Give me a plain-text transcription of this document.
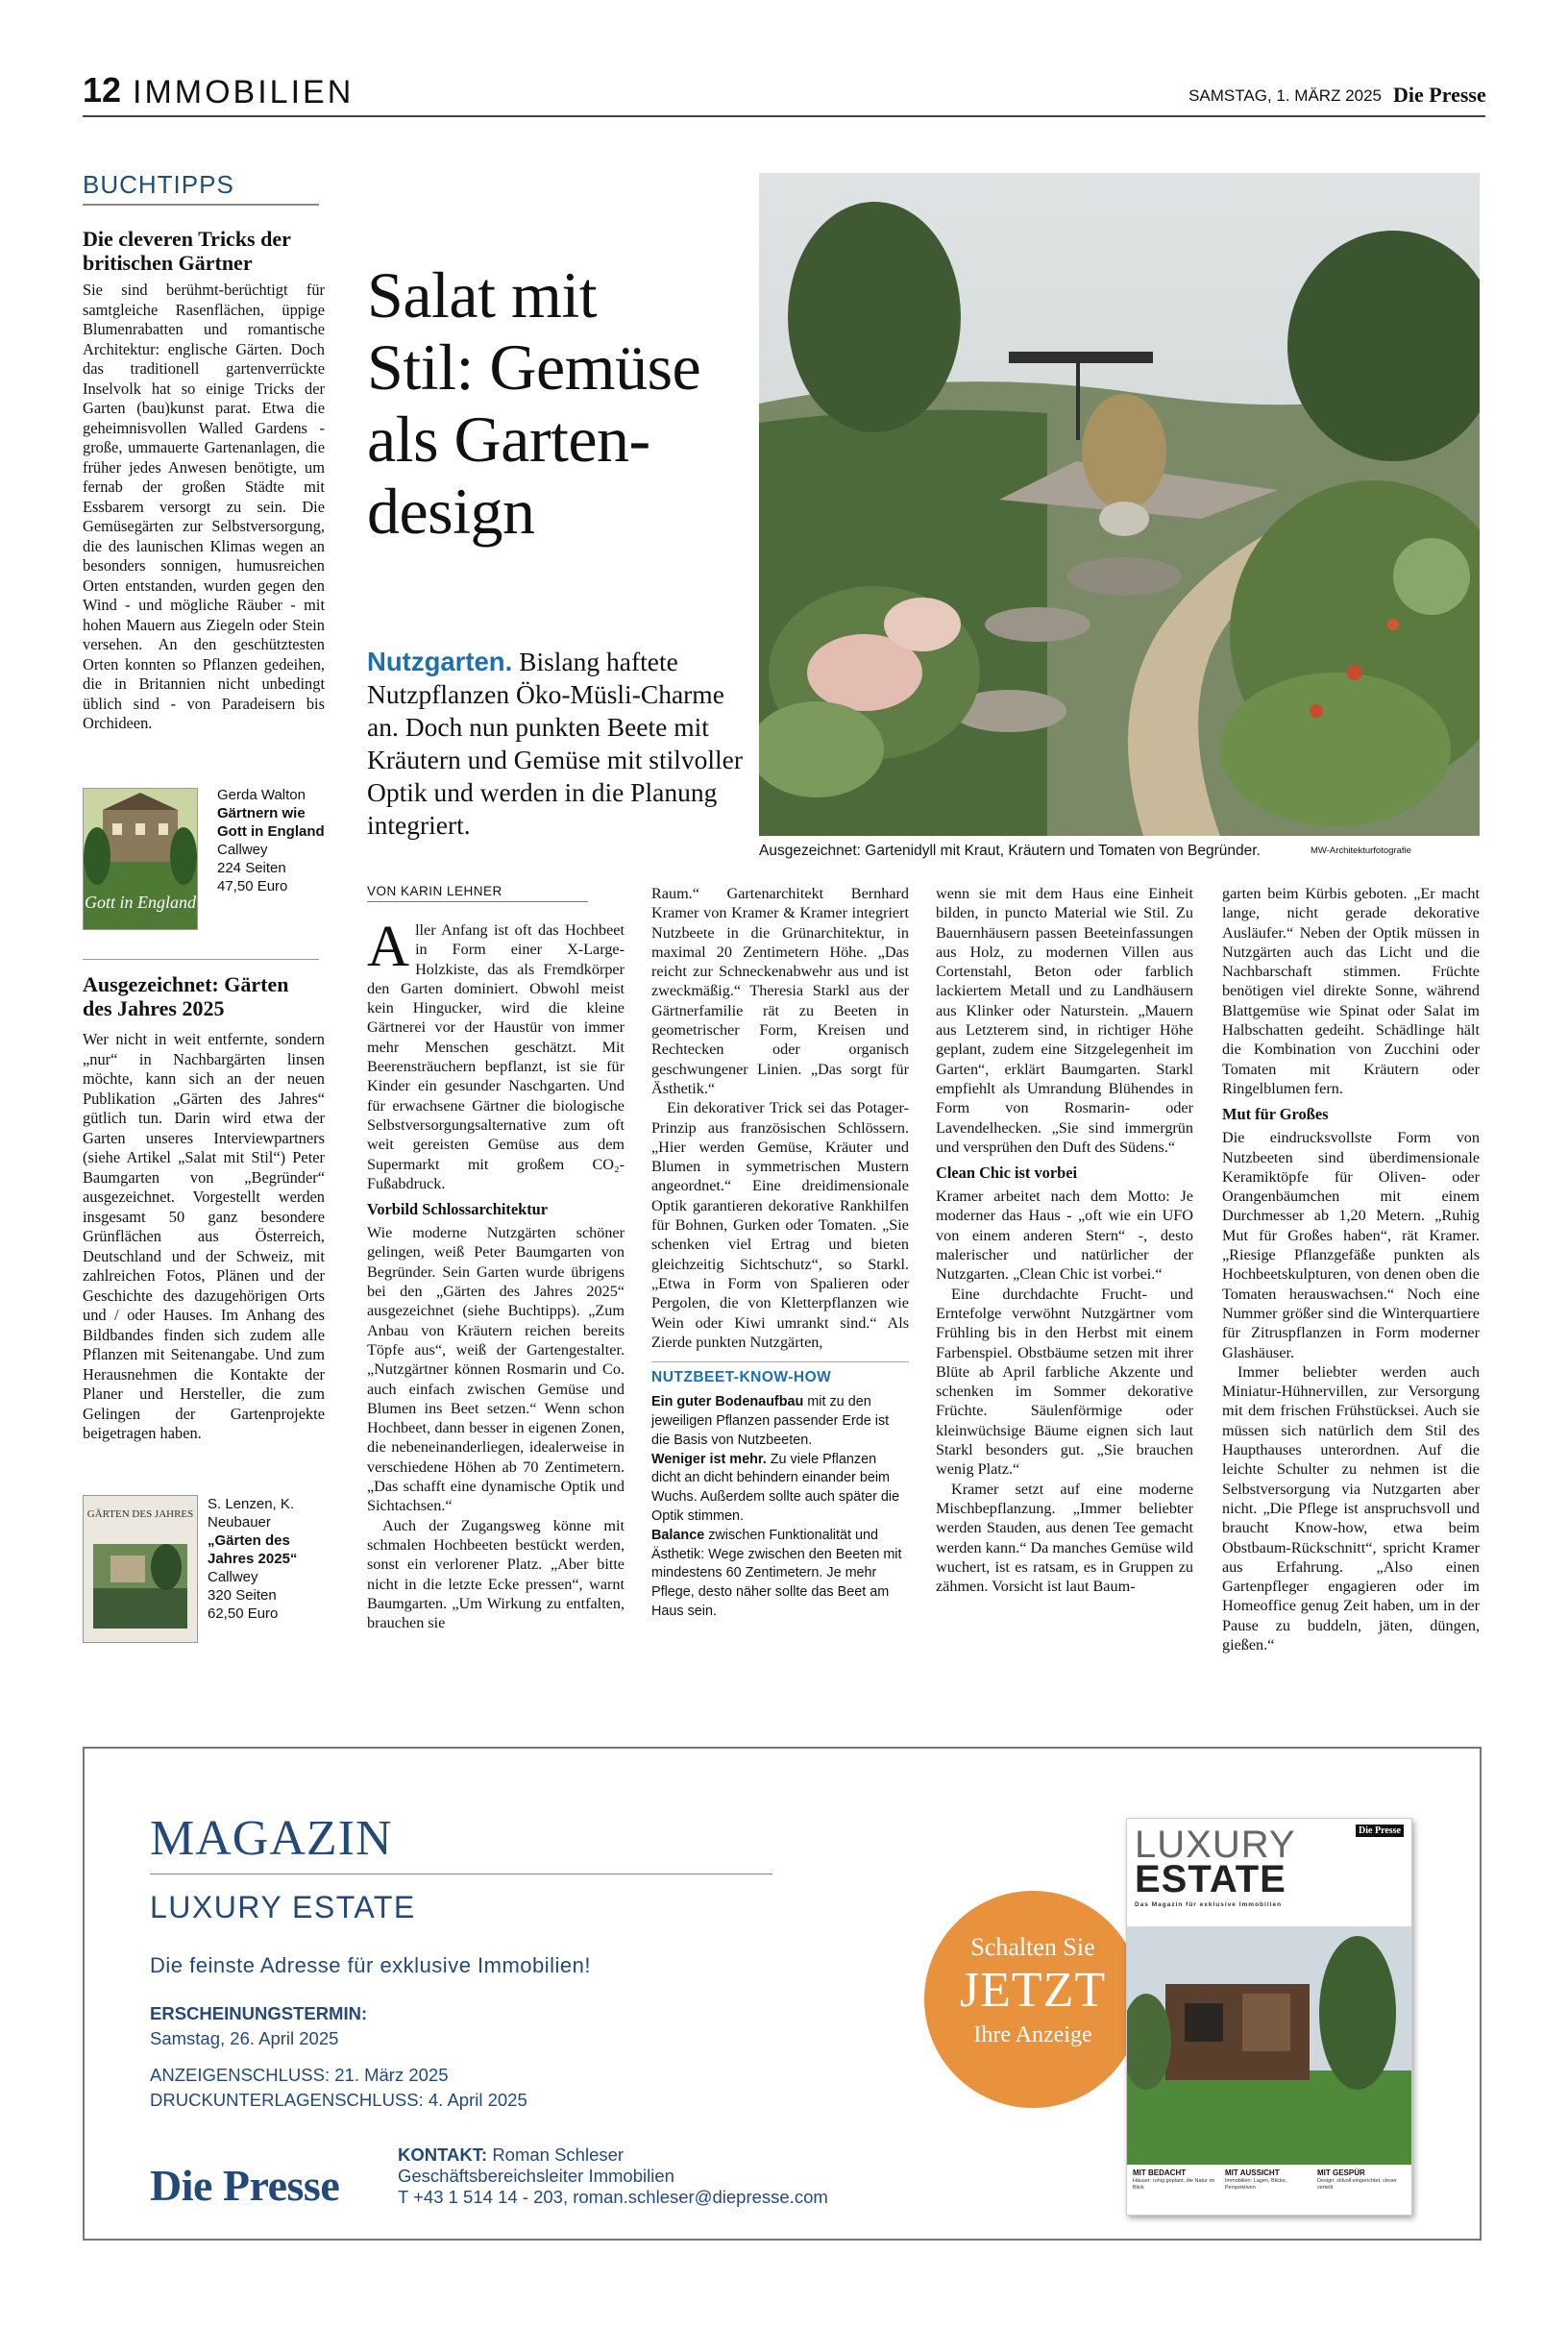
12 IMMOBILIEN	SAMSTAG, 1. MÄRZ 2025 Die Presse
BUCHTIPPS
Die cleveren Tricks der britischen Gärtner

Sie sind berühmt-berüchtigt für samtgleiche Rasenflächen, üppige Blumenrabatten und romantische Architektur: englische Gärten. Doch das traditionell gartenverrückte Inselvolk hat so einige Tricks der Garten (bau)kunst parat. Etwa die geheimnisvollen Walled Gardens - große, ummauerte Gartenanlagen, die früher jedes Anwesen benötigte, um fernab der großen Städte mit Essbarem versorgt zu sein. Die Gemüsegärten zur Selbstversorgung, die des launischen Klimas wegen an besonders sonnigen, humusreichen Orten entstanden, wurden gegen den Wind - und mögliche Räuber - mit hohen Mauern aus Ziegeln oder Stein versehen. An den geschütztesten Orten konnten so Pflanzen gedeihen, die in Britannien nicht unbedingt üblich sind - von Paradeisern bis Orchideen.

Gott in England
Gerda Walton
Gärtnern wie Gott in England
Callwey
224 Seiten
47,50 Euro
Ausgezeichnet: Gärten des Jahres 2025

Wer nicht in weit entfernte, sondern „nur“ in Nachbargärten linsen möchte, kann sich an der neuen Publikation „Gärten des Jahres“ gütlich tun. Darin wird etwa der Garten unseres Interviewpartners (siehe Artikel „Salat mit Stil“) Peter Baumgarten von „Begründer“ ausgezeichnet. Vorgestellt werden insgesamt 50 ganz besondere Grünflächen aus Österreich, Deutschland und der Schweiz, mit zahlreichen Fotos, Plänen und der Geschichte des dazugehörigen Orts und / oder Hauses. Im Anhang des Bildbandes finden sich zudem alle Pflanzen mit Seitenangabe. Und zum Herausnehmen die Kontakte der Planer und Hersteller, die zum Gelingen der Gartenprojekte beigetragen haben.

GÄRTEN DES JAHRES
S. Lenzen, K. Neubauer
„Gärten des Jahres 2025“
Callwey
320 Seiten
62,50 Euro
Salat mit
Stil: Gemüse
als Garten-
design

Nutzgarten. Bislang haftete Nutzpflanzen Öko-Müsli-Charme an. Doch nun punkten Beete mit Kräutern und Gemüse mit stilvoller Optik und werden in die Planung integriert.

Ausgezeichnet: Gartenidyll mit Kraut, Kräutern und Tomaten von Begründer.	MW-Architekturfotografie
VON KARIN LEHNER

Aller Anfang ist oft das Hochbeet in Form einer X-Large-Holzkiste, das als Fremdkörper den Garten dominiert. Obwohl meist kein Hingucker, wird die kleine Gärtnerei vor der Haustür von immer mehr Menschen geschätzt. Mit Beerensträuchern bepflanzt, ist sie für Kinder ein gesunder Naschgarten. Und für erwachsene Gärtner die biologische Selbstversorgungsalternative zum oft weit gereisten Gemüse aus dem Supermarkt mit großem CO₂-Fußabdruck.

Vorbild Schlossarchitektur

Wie moderne Nutzgärten schöner gelingen, weiß Peter Baumgarten von Begründer. Sein Garten wurde übrigens bei den „Gärten des Jahres 2025“ ausgezeichnet (siehe Buchtipps). „Zum Anbau von Kräutern reichen bereits Töpfe aus“, weiß der Gartengestalter. „Nutzgärtner können Rosmarin und Co. auch einfach zwischen Gemüse und Blumen ins Beet setzen.“ Wenn schon Hochbeet, dann besser in eigenen Zonen, die nebeneinanderliegen, idealerweise in verschiedene Höhen ab 70 Zentimetern. „Das schafft eine dynamische Optik und Sichtachsen.“

Auch der Zugangsweg könne mit schmalen Hochbeeten bestückt werden, sonst ein verlorener Platz. „Aber bitte nicht in die letzte Ecke pressen“, warnt Baumgarten. „Um Wirkung zu entfalten, brauchen sie

Raum.“ Gartenarchitekt Bernhard Kramer von Kramer & Kramer integriert Nutzbeete in die Grünarchitektur, in maximal 20 Zentimetern Höhe. „Das reicht zur Schneckenabwehr aus und ist zweckmäßig.“ Theresia Starkl aus der Gärtnerfamilie rät zu Beeten in geometrischer Form, Kreisen und Rechtecken oder organisch geschwungener Linien. „Das sorgt für Ästhetik.“

Ein dekorativer Trick sei das Potager-Prinzip aus französischen Schlössern. „Hier werden Gemüse, Kräuter und Blumen in symmetrischen Mustern angeordnet.“ Eine dreidimensionale Optik garantieren dekorative Rankhilfen für Bohnen, Gurken oder Tomaten. „Sie schenken viel Ertrag und bieten gleichzeitig Sichtschutz“, so Starkl. „Etwa in Form von Spalieren oder Pergolen, die von Kletterpflanzen wie Wein oder Kiwi umrankt sind.“ Als Zierde punkten Nutzgärten,

NUTZBEET-KNOW-HOW

Ein guter Bodenaufbau mit zu den jeweiligen Pflanzen passender Erde ist die Basis von Nutzbeeten.

Weniger ist mehr. Zu viele Pflanzen dicht an dicht behindern einander beim Wuchs. Außerdem sollte auch später die Optik stimmen.

Balance zwischen Funktionalität und Ästhetik: Wege zwischen den Beeten mit mindestens 60 Zentimetern. Je mehr Pflege, desto näher sollte das Beet am Haus sein.

wenn sie mit dem Haus eine Einheit bilden, in puncto Material wie Stil. Zu Bauernhäusern passen Beeteinfassungen aus Holz, zu modernen Villen aus Cortenstahl, Beton oder farblich lackiertem Metall und zu Landhäusern aus Klinker oder Naturstein. „Mauern aus Letzterem sind, in richtiger Höhe geplant, zudem eine Sitzgelegenheit im Garten“, erklärt Baumgarten. Starkl empfiehlt als Umrandung Blühendes in Form von Rosmarin- oder Lavendelhecken. „Sie sind immergrün und versprühen den Duft des Südens.“

Clean Chic ist vorbei

Kramer arbeitet nach dem Motto: Je moderner das Haus - „oft wie ein UFO von einem anderen Stern“ -, desto malerischer und natürlicher der Nutzgarten. „Clean Chic ist vorbei.“

Eine durchdachte Frucht- und Erntefolge verwöhnt Nutzgärtner vom Frühling bis in den Herbst mit einem Farbenspiel. Obstbäume setzen mit ihrer Blüte ab April farbliche Akzente und schenken im Sommer dekorative Früchte. Säulenförmige oder kleinwüchsige Bäume eignen sich laut Starkl besonders gut. „Sie brauchen wenig Platz.“

Kramer setzt auf eine moderne Mischbepflanzung. „Immer beliebter werden Stauden, aus denen Tee gemacht werden kann.“ Da manches Gemüse wild wuchert, ist es ratsam, es in Gruppen zu zähmen. Vorsicht ist laut Baum-

garten beim Kürbis geboten. „Er macht lange, nicht gerade dekorative Ausläufer.“ Neben der Optik müssen in Nutzgärten auch das Licht und die Nachbarschaft stimmen. Früchte benötigen viel direkte Sonne, während Blattgemüse wie Spinat oder Salat im Halbschatten gedeiht. Schädlinge hält die Kombination von Zucchini oder Tomaten mit Kräutern oder Ringelblumen fern.

Mut für Großes

Die eindrucksvollste Form von Nutzbeeten sind überdimensionale Keramiktöpfe für Oliven- oder Orangenbäumchen mit einem Durchmesser ab 1,20 Metern. „Ruhig Mut für Großes haben“, rät Kramer. „Riesige Pflanzgefäße punkten als Hochbeetskulpturen, von denen oben die Tomaten herauswachsen.“ Noch eine Nummer größer sind die Winterquartiere für Zitruspflanzen in Form moderner Glashäuser.

Immer beliebter werden auch Miniatur-Hühnervillen, zur Versorgung mit dem frischen Frühstücksei. Auch sie müssen sich natürlich dem Stil des Haupthauses unterordnen. Auf die leichte Schulter zu nehmen ist die Selbstversorgung via Nutzgarten aber nicht. „Die Pflege ist anspruchsvoll und braucht Know-how, etwa beim Obstbaum-Rückschnitt“, spricht Kramer aus Erfahrung. „Also einen Gartenpfleger engagieren oder im Homeoffice genug Zeit haben, um in der Pause zu buddeln, jäten, düngen, gießen.“

MAGAZIN
LUXURY ESTATE
Die feinste Adresse für exklusive Immobilien!
ERSCHEINUNGSTERMIN:
Samstag, 26. April 2025
ANZEIGENSCHLUSS: 21. März 2025
DRUCKUNTERLAGENSCHLUSS: 4. April 2025
Die Presse
KONTAKT: Roman Schleser
Geschäftsbereichsleiter Immobilien
T +43 1 514 14 - 203, roman.schleser@diepresse.com
Schalten Sie
JETZT
Ihre Anzeige
Die Presse
LUXURY
ESTATE
Das Magazin für exklusive Immobilien
MIT BEDACHT
Häuser: ruhig geplant, die Natur im Blick
MIT AUSSICHT
Immobilien: Lagen, Blicke, Perspektiven
MIT GESPÜR
Design: stilvoll eingerichtet, clever verteilt
